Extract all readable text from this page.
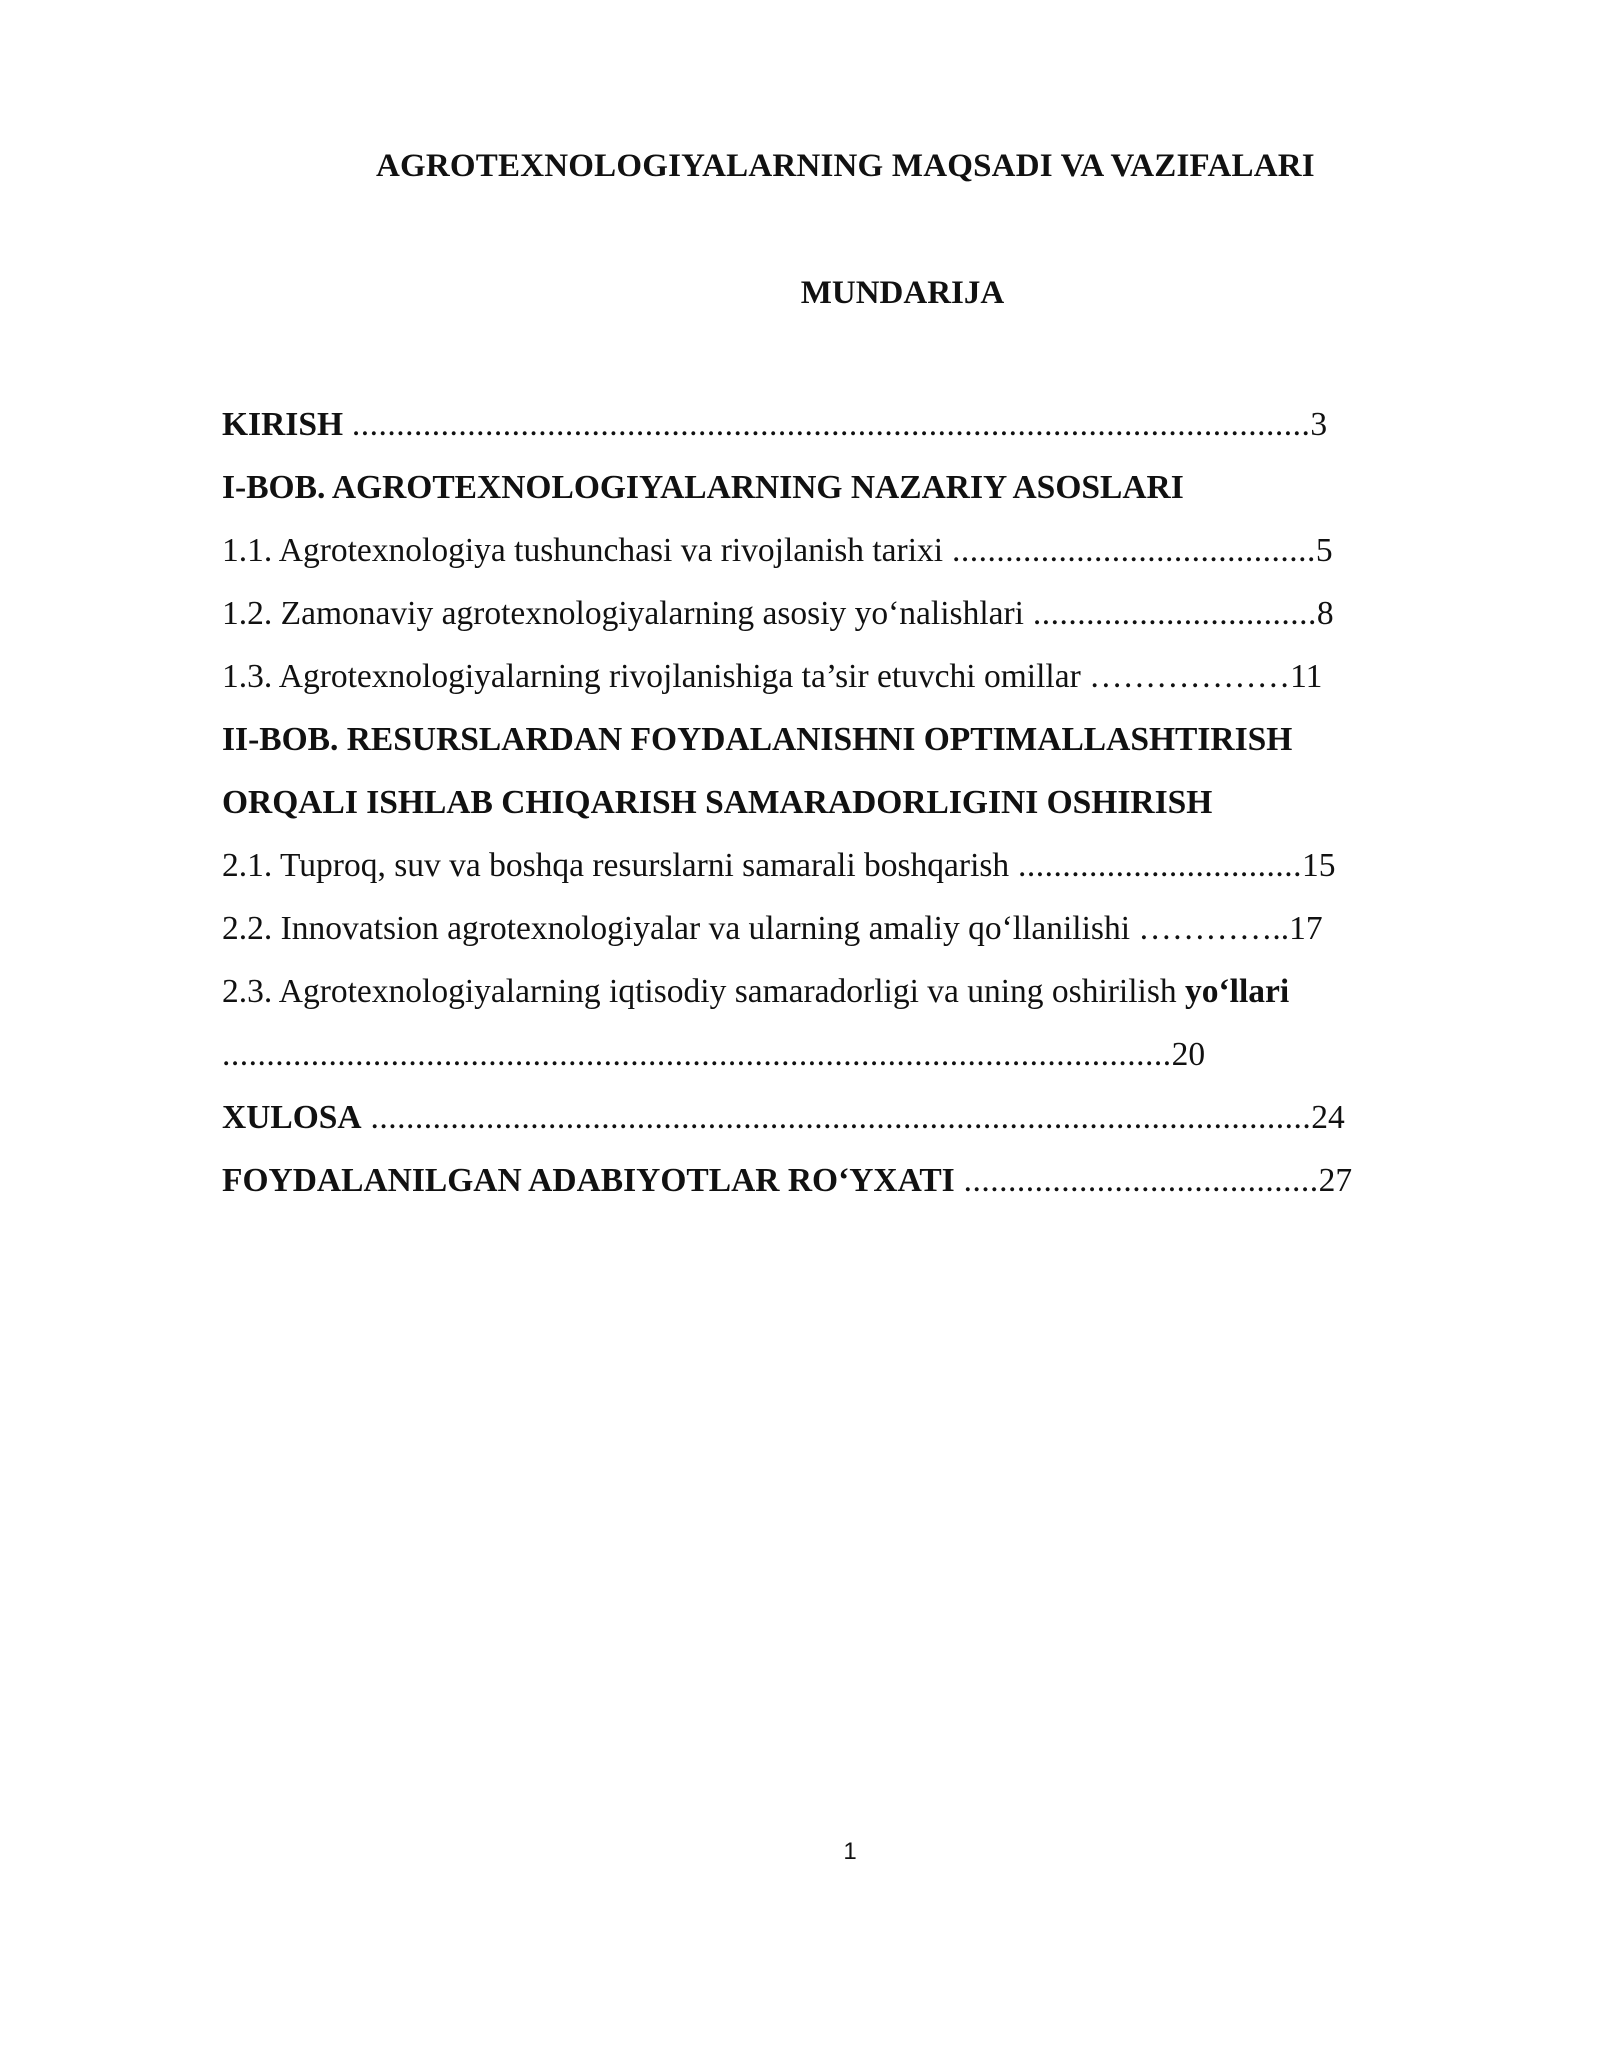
AGROTEXNOLOGIYALARNING MAQSADI VA VAZIFALARI
MUNDARIJA
KIRISH ............................................................................................................3
I-BOB. AGROTEXNOLOGIYALARNING NAZARIY ASOSLARI
1.1. Agrotexnologiya tushunchasi va rivojlanish tarixi .........................................5
1.2. Zamonaviy agrotexnologiyalarning asosiy yo‘nalishlari ................................8
1.3. Agrotexnologiyalarning rivojlanishiga ta’sir etuvchi omillar ………………11
II-BOB. RESURSLARDAN FOYDALANISHNI OPTIMALLASHTIRISH
ORQALI ISHLAB CHIQARISH SAMARADORLIGINI OSHIRISH
2.1. Tuproq, suv va boshqa resurslarni samarali boshqarish ................................15
2.2. Innovatsion agrotexnologiyalar va ularning amaliy qo‘llanilishi …………..17
2.3. Agrotexnologiyalarning iqtisodiy samaradorligi va uning oshirilish yo‘llari
...........................................................................................................20
XULOSA ..........................................................................................................24
FOYDALANILGAN ADABIYOTLAR RO‘YXATI ........................................27
1
